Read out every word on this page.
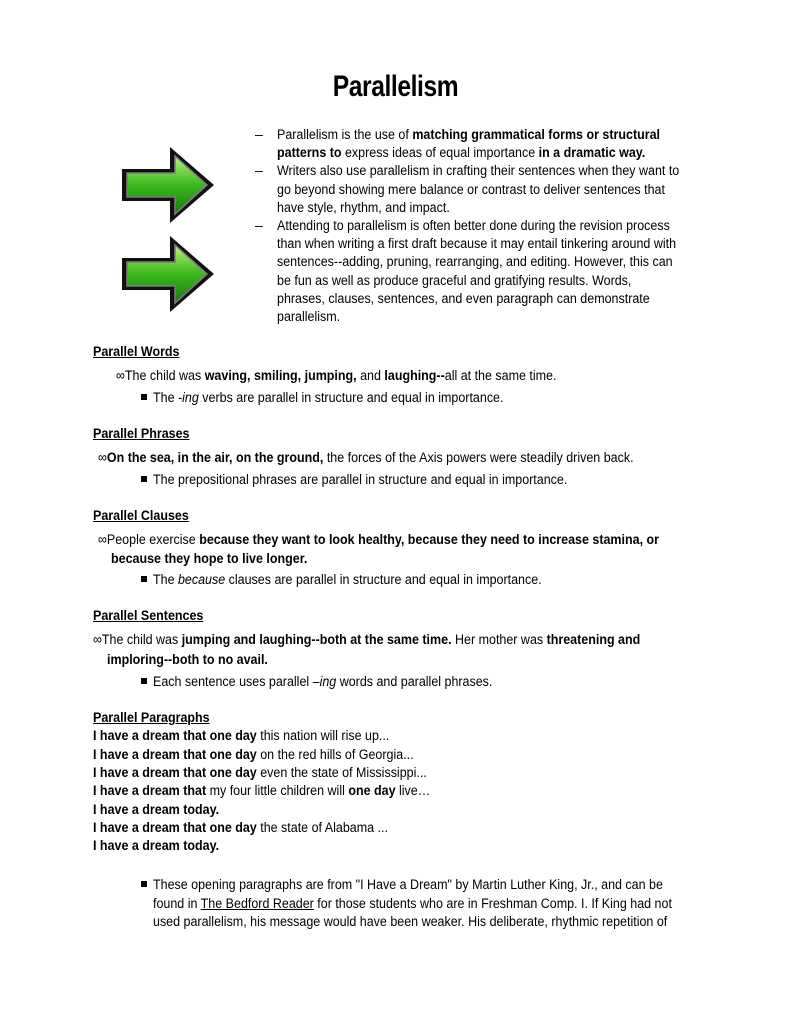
Parallelism
– Parallelism is the use of matching grammatical forms or structural
patterns to express ideas of equal importance in a dramatic way.
– Writers also use parallelism in crafting their sentences when they want to
go beyond showing mere balance or contrast to deliver sentences that
have style, rhythm, and impact.
– Attending to parallelism is often better done during the revision process
than when writing a first draft because it may entail tinkering around with
sentences--adding, pruning, rearranging, and editing. However, this can
be fun as well as produce graceful and gratifying results. Words,
phrases, clauses, sentences, and even paragraph can demonstrate
parallelism.
Parallel Words
∞The child was waving, smiling, jumping, and laughing--all at the same time.
The -ing verbs are parallel in structure and equal in importance.
Parallel Phrases
∞On the sea, in the air, on the ground, the forces of the Axis powers were steadily driven back.
The prepositional phrases are parallel in structure and equal in importance.
Parallel Clauses
∞People exercise because they want to look healthy, because they need to increase stamina, or
because they hope to live longer.
The because clauses are parallel in structure and equal in importance.
Parallel Sentences
∞The child was jumping and laughing--both at the same time. Her mother was threatening and
imploring--both to no avail.
Each sentence uses parallel –ing words and parallel phrases.
Parallel Paragraphs
I have a dream that one day this nation will rise up...
I have a dream that one day on the red hills of Georgia...
I have a dream that one day even the state of Mississippi...
I have a dream that my four little children will one day live…
I have a dream today.
I have a dream that one day the state of Alabama ...
I have a dream today.
These opening paragraphs are from "I Have a Dream" by Martin Luther King, Jr., and can be
found in The Bedford Reader for those students who are in Freshman Comp. I. If King had not
used parallelism, his message would have been weaker. His deliberate, rhythmic repetition of
